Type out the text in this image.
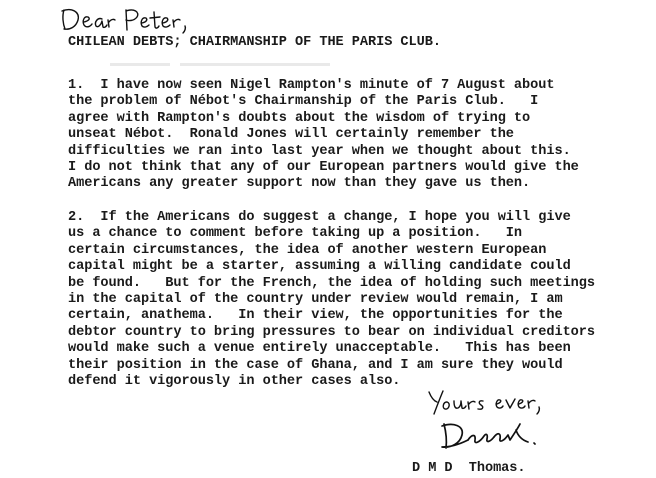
CHILEAN DEBTS; CHAIRMANSHIP OF THE PARIS CLUB.
1.  I have now seen Nigel Rampton's minute of 7 August about
the problem of Nébot's Chairmanship of the Paris Club.   I
agree with Rampton's doubts about the wisdom of trying to
unseat Nébot.  Ronald Jones will certainly remember the
difficulties we ran into last year when we thought about this.
I do not think that any of our European partners would give the
Americans any greater support now than they gave us then.
2.  If the Americans do suggest a change, I hope you will give
us a chance to comment before taking up a position.   In
certain circumstances, the idea of another western European
capital might be a starter, assuming a willing candidate could
be found.   But for the French, the idea of holding such meetings
in the capital of the country under review would remain, I am
certain, anathema.   In their view, the opportunities for the
debtor country to bring pressures to bear on individual creditors
would make such a venue entirely unacceptable.   This has been
their position in the case of Ghana, and I am sure they would
defend it vigorously in other cases also.
D M D  Thomas.
